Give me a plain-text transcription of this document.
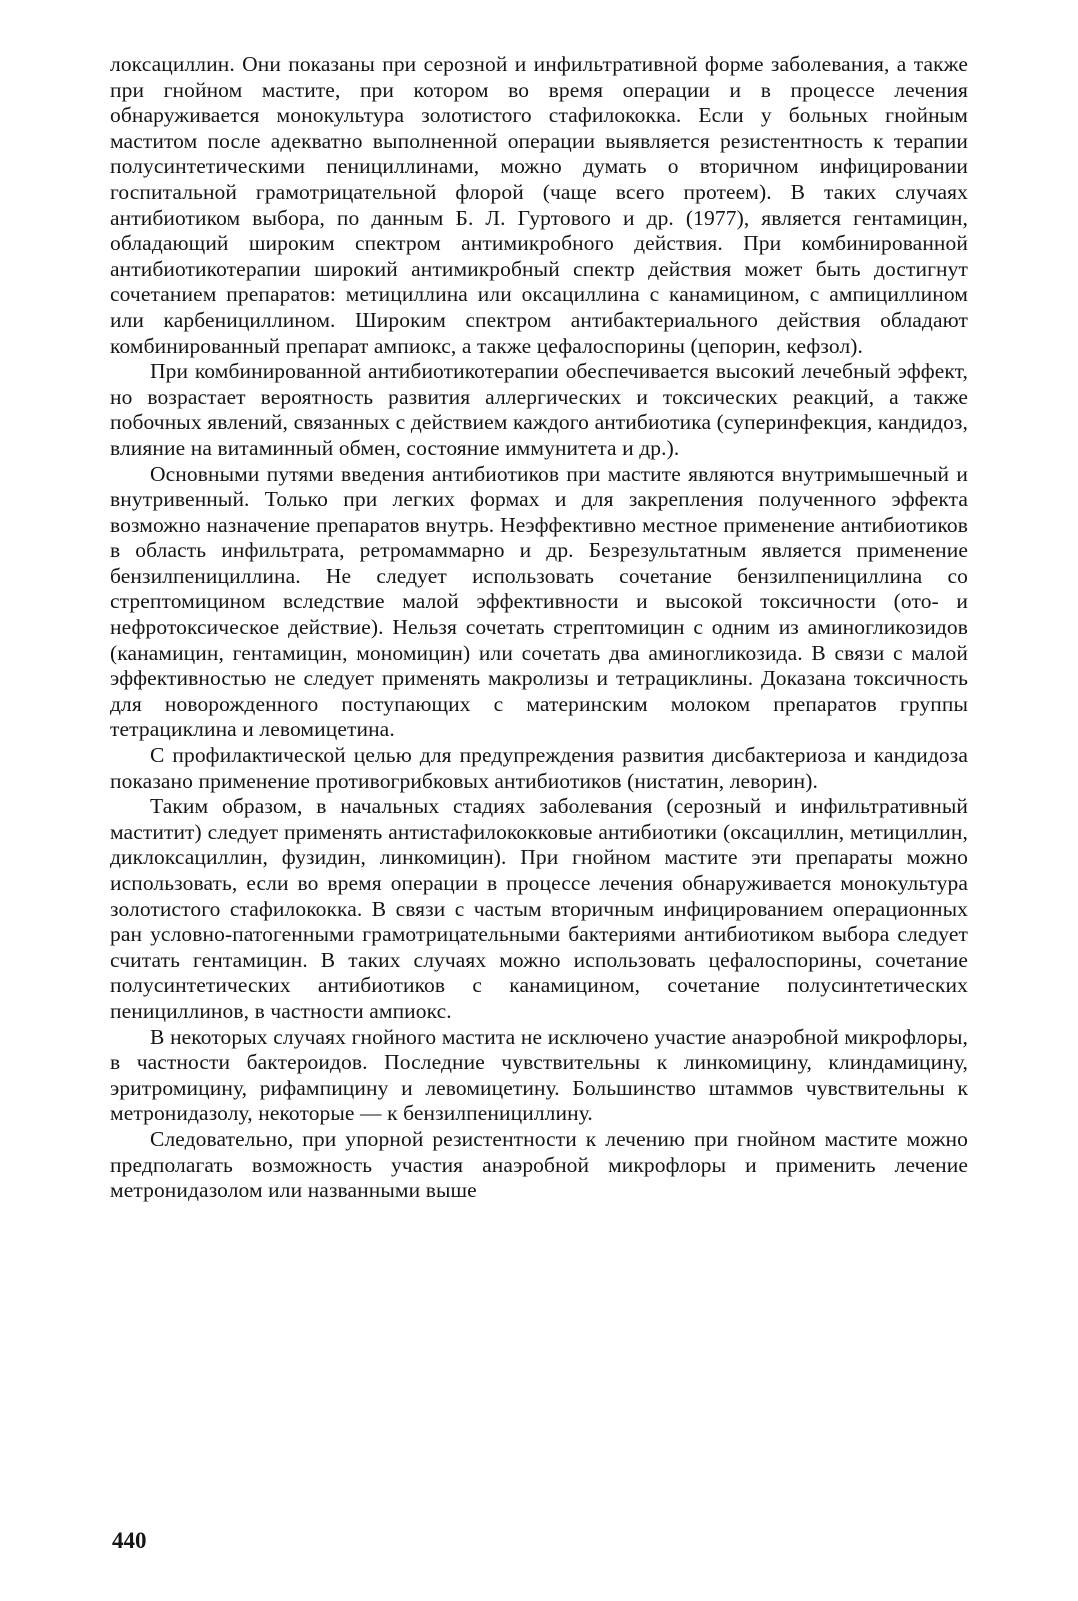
локсациллин. Они показаны при серозной и инфильтративной форме заболевания, а также при гнойном мастите, при котором во время операции и в процессе лечения обнаруживается монокультура золотистого стафилококка. Если у больных гнойным маститом после адекватно выполненной операции выявляется резистентность к терапии полусинтетическими пенициллинами, можно думать о вторичном инфицировании госпитальной грамотрицательной флорой (чаще всего протеем). В таких случаях антибиотиком выбора, по данным Б. Л. Гуртового и др. (1977), является гентамицин, обладающий широким спектром антимикробного действия. При комбинированной антибиотикотерапии широкий антимикробный спектр действия может быть достигнут сочетанием препаратов: метициллина или оксациллина с канамицином, с ампициллином или карбенициллином. Широким спектром антибактериального действия обладают комбинированный препарат ампиокс, а также цефалоспорины (цепорин, кефзол).

При комбинированной антибиотикотерапии обеспечивается высокий лечебный эффект, но возрастает вероятность развития аллергических и токсических реакций, а также побочных явлений, связанных с действием каждого антибиотика (суперинфекция, кандидоз, влияние на витаминный обмен, состояние иммунитета и др.).

Основными путями введения антибиотиков при мастите являются внутримышечный и внутривенный. Только при легких формах и для закрепления полученного эффекта возможно назначение препаратов внутрь. Неэффективно местное применение антибиотиков в область инфильтрата, ретромаммарно и др. Безрезультатным является применение бензилпенициллина. Не следует использовать сочетание бензилпенициллина со стрептомицином вследствие малой эффективности и высокой токсичности (ото- и нефротоксическое действие). Нельзя сочетать стрептомицин с одним из аминогликозидов (канамицин, гентамицин, мономицин) или сочетать два аминогликозида. В связи с малой эффективностью не следует применять макролизы и тетрациклины. Доказана токсичность для новорожденного поступающих с материнским молоком препаратов группы тетрациклина и левомицетина.

С профилактической целью для предупреждения развития дисбактериоза и кандидоза показано применение противогрибковых антибиотиков (нистатин, леворин).

Таким образом, в начальных стадиях заболевания (серозный и инфильтративный маститит) следует применять антистафилококковые антибиотики (оксациллин, метициллин, диклоксациллин, фузидин, линкомицин). При гнойном мастите эти препараты можно использовать, если во время операции в процессе лечения обнаруживается монокультура золотистого стафилококка. В связи с частым вторичным инфицированием операционных ран условно-патогенными грамотрицательными бактериями антибиотиком выбора следует считать гентамицин. В таких случаях можно использовать цефалоспорины, сочетание полусинтетических антибиотиков с канамицином, сочетание полусинтетических пенициллинов, в частности ампиокс.

В некоторых случаях гнойного мастита не исключено участие анаэробной микрофлоры, в частности бактероидов. Последние чувствительны к линкомицину, клиндамицину, эритромицину, рифампицину и левомицетину. Большинство штаммов чувствительны к метронидазолу, некоторые — к бензилпенициллину.

Следовательно, при упорной резистентности к лечению при гнойном мастите можно предполагать возможность участия анаэробной микрофлоры и применить лечение метронидазолом или названными выше

440
